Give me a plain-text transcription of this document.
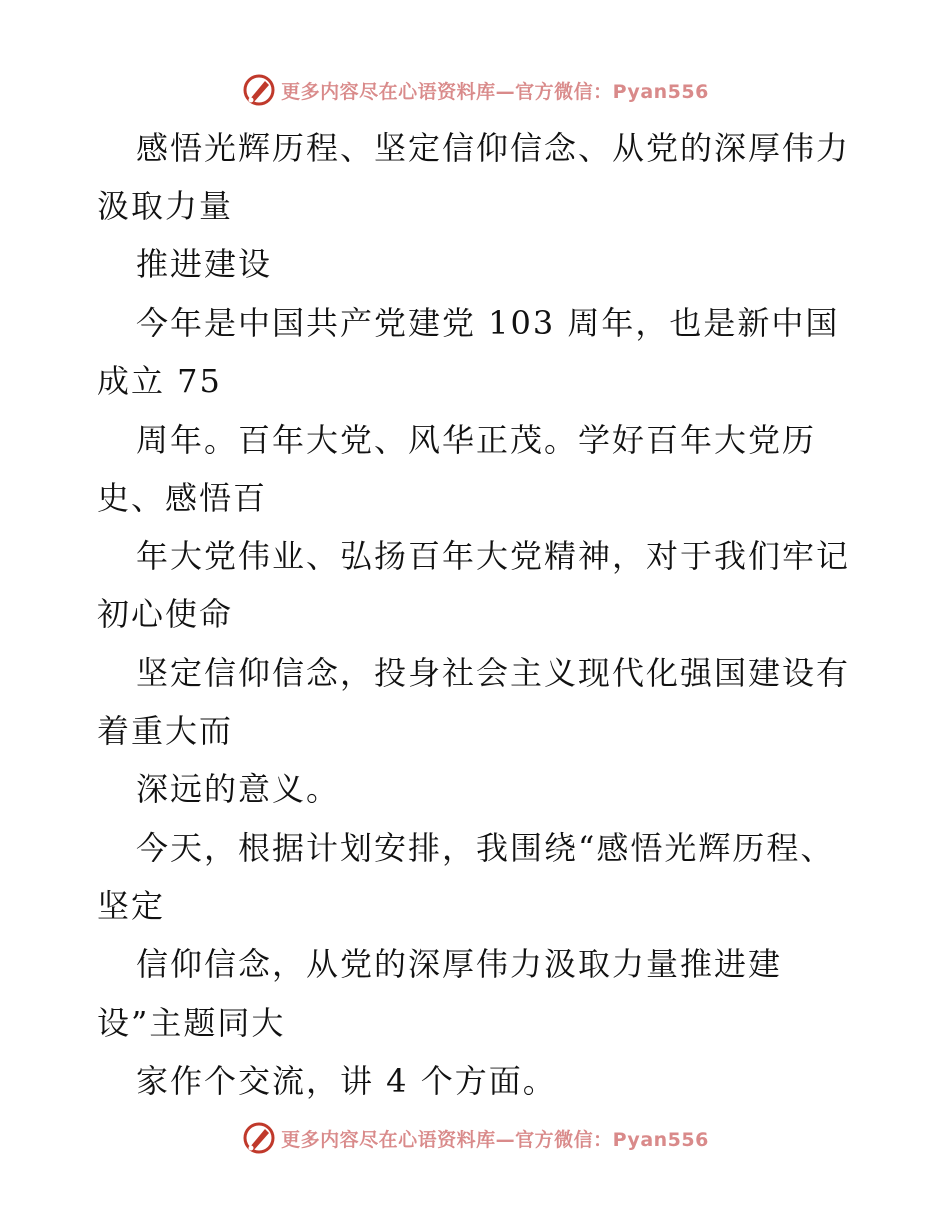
更多内容尽在心语资料库—官方微信：Pyan556
感悟光辉历程、坚定信仰信念、从党的深厚伟力
汲取力量
推进建设
今年是中国共产党建党 103 周年，也是新中国
成立 75
周年。百年大党、风华正茂。学好百年大党历
史、感悟百
年大党伟业、弘扬百年大党精神，对于我们牢记
初心使命
坚定信仰信念，投身社会主义现代化强国建设有
着重大而
深远的意义。
今天，根据计划安排，我围绕“感悟光辉历程、
坚定
信仰信念，从党的深厚伟力汲取力量推进建
设”主题同大
家作个交流，讲 4 个方面。
更多内容尽在心语资料库—官方微信：Pyan556
